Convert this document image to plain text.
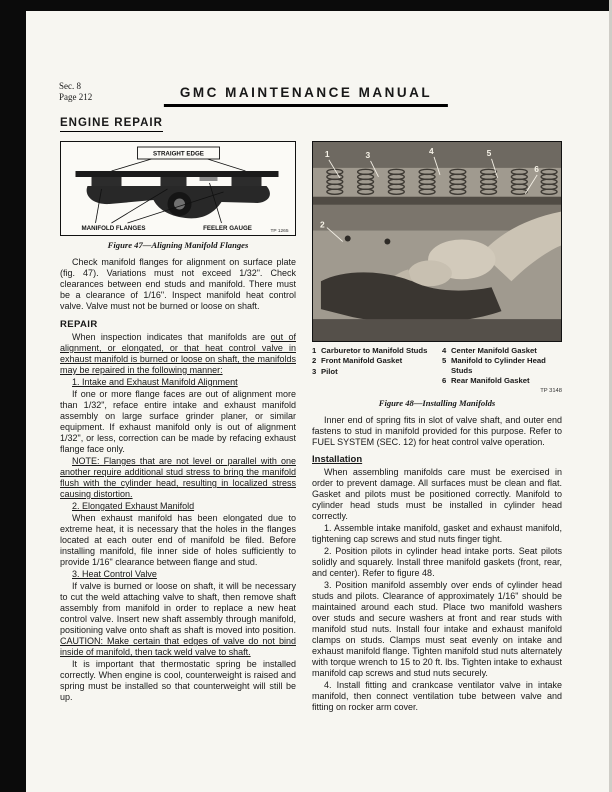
Sec. 8
Page 212	GMC MAINTENANCE MANUAL
ENGINE REPAIR
STRAIGHT EDGE
MANIFOLD FLANGES	FEELER GAUGE	TP 1265
Figure 47—Aligning Manifold Flanges

Check manifold flanges for alignment on surface plate (fig. 47). Variations must not exceed 1/32". Check clearances between end studs and manifold. There must be a clearance of 1/16". Inspect manifold heat control valve. Valve must not be burned or loose on shaft.

REPAIR

When inspection indicates that manifolds are out of alignment, or elongated, or that heat control valve in exhaust manifold is burned or loose on shaft, the manifolds may be repaired in the following manner:

1. Intake and Exhaust Manifold Alignment

If one or more flange faces are out of alignment more than 1/32", reface entire intake and exhaust manifold assembly on large surface grinder planer, or similar equipment. If exhaust manifold only is out of alignment 1/32", or less, correction can be made by refacing exhaust flange face only.

NOTE: Flanges that are not level or parallel with one another require additional stud stress to bring the manifold flush with the cylinder head, resulting in localized stress causing distortion.

2. Elongated Exhaust Manifold

When exhaust manifold has been elongated due to extreme heat, it is necessary that the holes in the flanges located at each outer end of manifold be filed. Before installing manifold, file inner side of holes sufficiently to provide 1/16" clearance between flange and stud.

3. Heat Control Valve

If valve is burned or loose on shaft, it will be necessary to cut the weld attaching valve to shaft, then remove shaft assembly from manifold in order to replace a new heat control valve. Insert new shaft assembly through manifold, positioning valve onto shaft as shaft is moved into position. CAUTION: Make certain that edges of valve do not bind inside of manifold, then tack weld valve to shaft.

It is important that thermostatic spring be installed correctly. When engine is cool, counterweight is raised and spring must be installed so that counterweight will still be up.

1
2
3	4	5
6
1 Carburetor to Manifold Studs
2 Front Manifold Gasket
3 Pilot
4 Center Manifold Gasket
5 Manifold to Cylinder Head Studs
6 Rear Manifold Gasket
TP 3148
Figure 48—Installing Manifolds

Inner end of spring fits in slot of valve shaft, and outer end fastens to stud in manifold provided for this purpose. Refer to FUEL SYSTEM (SEC. 12) for heat control valve operation.

Installation

When assembling manifolds care must be exercised in order to prevent damage. All surfaces must be clean and flat. Gasket and pilots must be positioned correctly. Manifold to cylinder head studs must be installed in cylinder head correctly.

1. Assemble intake manifold, gasket and exhaust manifold, tightening cap screws and stud nuts finger tight.

2. Position pilots in cylinder head intake ports. Seat pilots solidly and squarely. Install three manifold gaskets (front, rear, and center). Refer to figure 48.

3. Position manifold assembly over ends of cylinder head studs and pilots. Clearance of approximately 1/16" should be maintained around each stud. Place two manifold washers over studs and secure washers at front and rear studs with manifold stud nuts. Install four intake and exhaust manifold clamps on studs. Clamps must seat evenly on intake and exhaust manifold flange. Tighten manifold stud nuts alternately with torque wrench to 15 to 20 ft. lbs. Tighten intake to exhaust manifold cap screws and stud nuts securely.

4. Install fitting and crankcase ventilator valve in intake manifold, then connect ventilation tube between valve and fitting on rocker arm cover.
